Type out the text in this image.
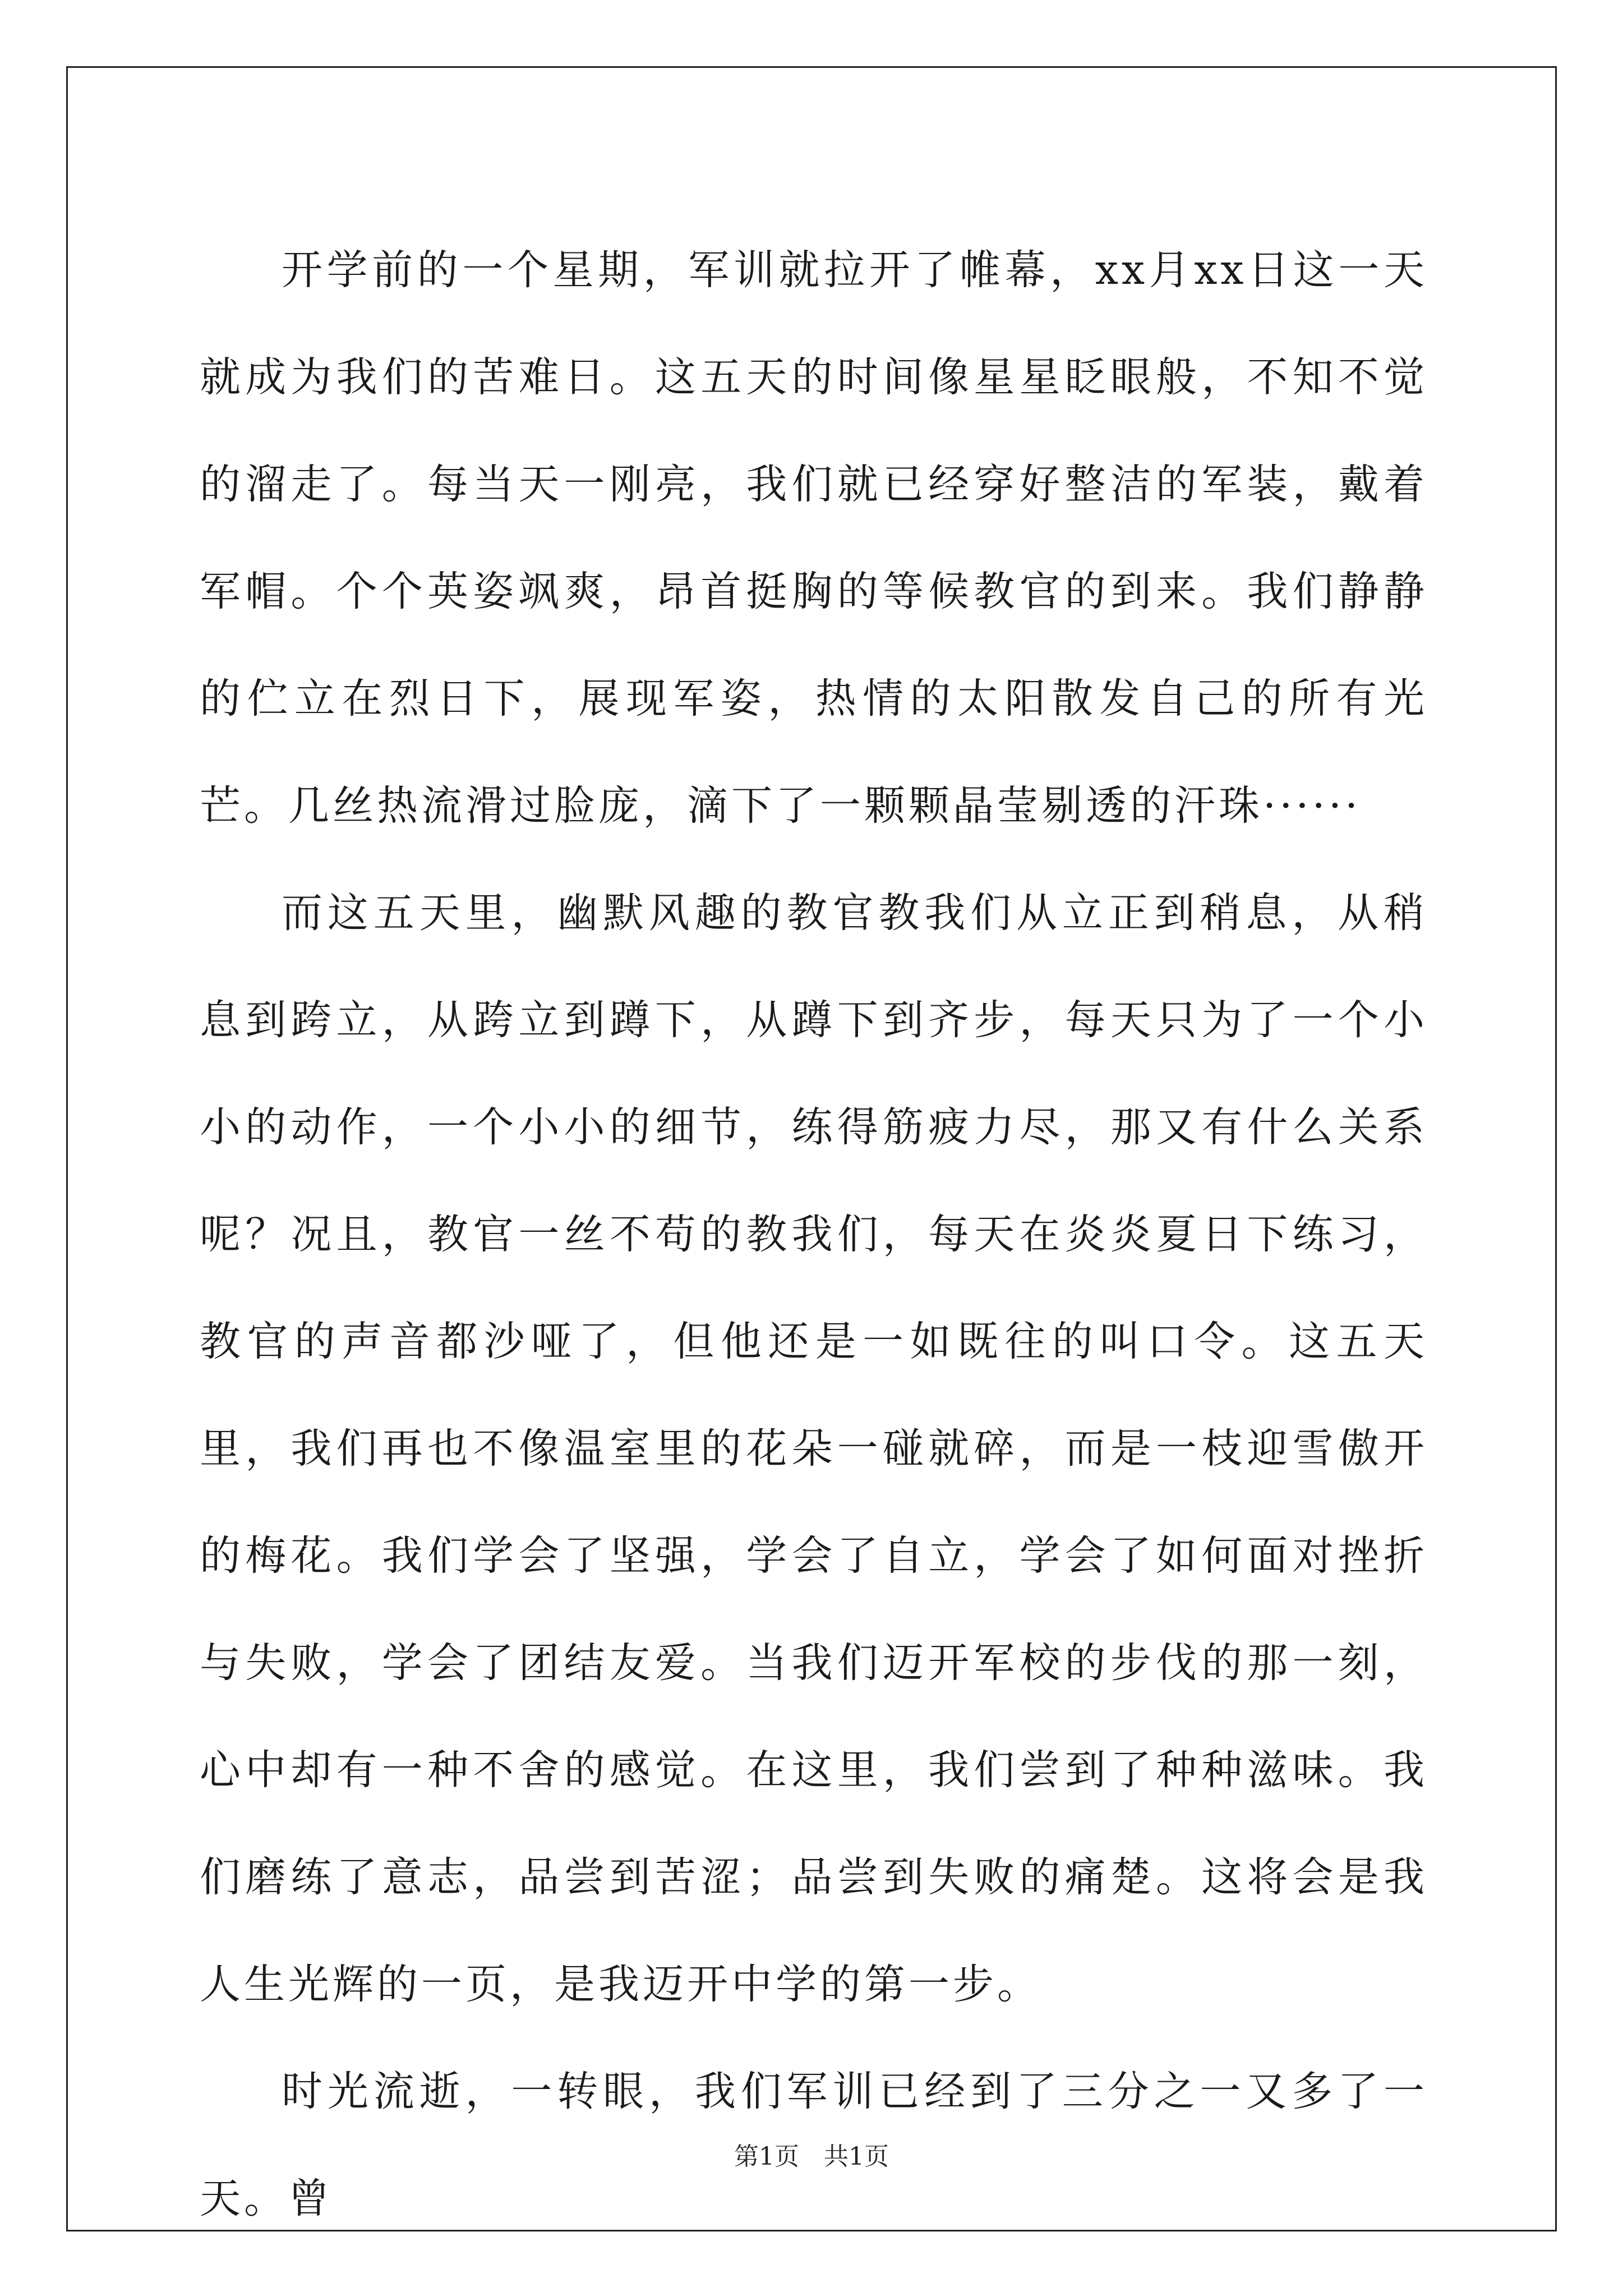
开学前的一个星期，军训就拉开了帷幕，xx月xx日这一天就成为我们的苦难日。这五天的时间像星星眨眼般，不知不觉的溜走了。每当天一刚亮，我们就已经穿好整洁的军装，戴着军帽。个个英姿飒爽，昂首挺胸的等候教官的到来。我们静静的伫立在烈日下，展现军姿，热情的太阳散发自己的所有光芒。几丝热流滑过脸庞，滴下了一颗颗晶莹剔透的汗珠······

而这五天里，幽默风趣的教官教我们从立正到稍息，从稍息到跨立，从跨立到蹲下，从蹲下到齐步，每天只为了一个小小的动作，一个小小的细节，练得筋疲力尽，那又有什么关系呢？况且，教官一丝不苟的教我们，每天在炎炎夏日下练习，教官的声音都沙哑了，但他还是一如既往的叫口令。这五天里，我们再也不像温室里的花朵一碰就碎，而是一枝迎雪傲开的梅花。我们学会了坚强，学会了自立，学会了如何面对挫折与失败，学会了团结友爱。当我们迈开军校的步伐的那一刻，心中却有一种不舍的感觉。在这里，我们尝到了种种滋味。我们磨练了意志，品尝到苦涩；品尝到失败的痛楚。这将会是我人生光辉的一页，是我迈开中学的第一步。

时光流逝，一转眼，我们军训已经到了三分之一又多了一天。曾

第1页　共1页
